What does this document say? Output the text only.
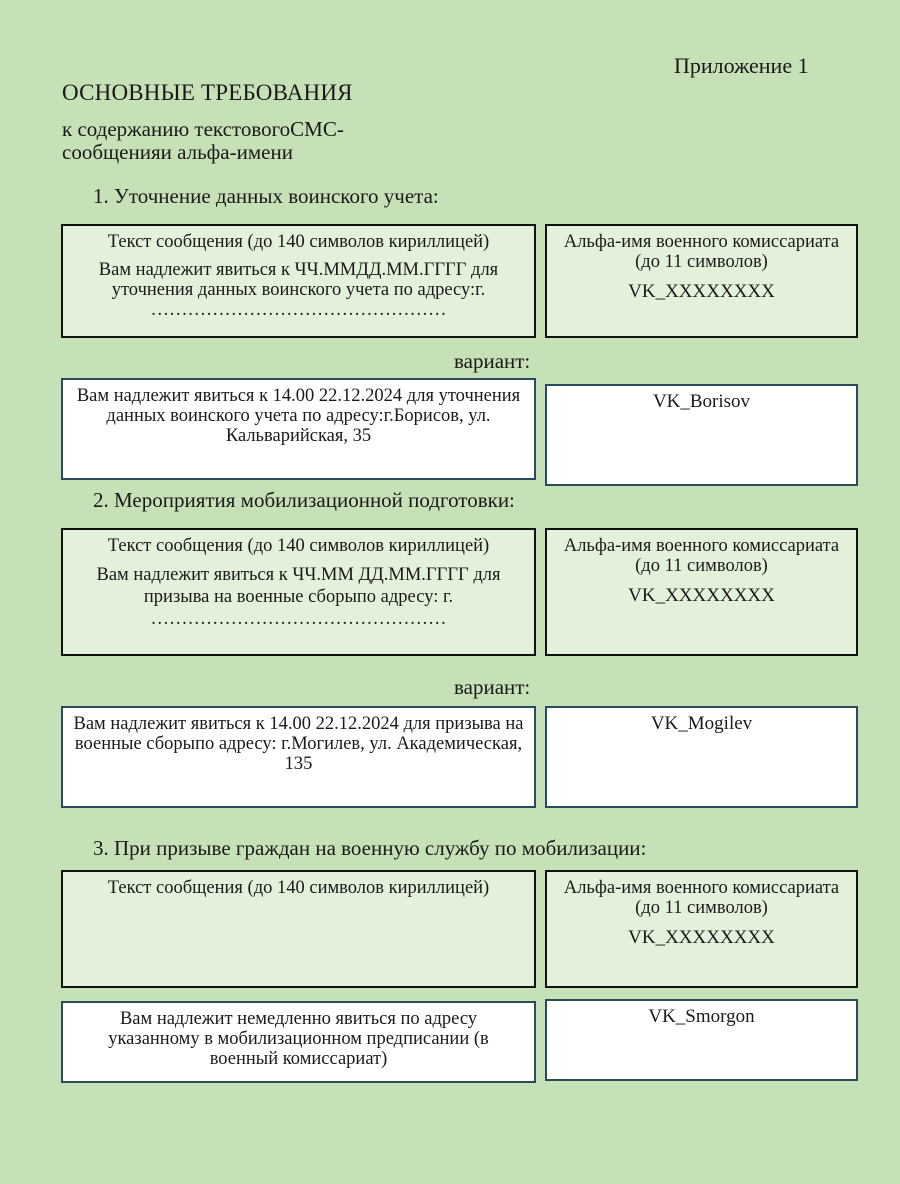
Приложение 1
ОСНОВНЫЕ ТРЕБОВАНИЯ
к содержанию текстовогоСМС-сообщенияи альфа-имени
1. Уточнение данных воинского учета:
Текст сообщения (до 140 символов кириллицей)
Вам надлежит явиться к ЧЧ.ММДД.ММ.ГГГГ для уточнения данных воинского учета по адресу:г. …………………………………………
Альфа-имя военного комиссариата (до 11 символов)
VK_XXXXXXXX
вариант:
Вам надлежит явиться к 14.00 22.12.2024 для уточнения данных воинского учета по адресу:г.Борисов, ул. Кальварийская, 35
VK_Borisov
2. Мероприятия мобилизационной подготовки:
Текст сообщения (до 140 символов кириллицей)
Вам надлежит явиться к ЧЧ.ММ ДД.ММ.ГГГГ для призыва на военные сборыпо адресу: г. …………………………………………
Альфа-имя военного комиссариата (до 11 символов)
VK_XXXXXXXX
вариант:
Вам надлежит явиться к 14.00 22.12.2024 для призыва на военные сборыпо адресу: г.Могилев, ул. Академическая, 135
VK_Mogilev
3. При призыве граждан на военную службу по мобилизации:
Текст сообщения (до 140 символов кириллицей)	Альфа-имя военного комиссариата (до 11 символов)
VK_XXXXXXXX
Вам надлежит немедленно явиться по адресу указанному в мобилизационном предписании (в военный комиссариат)
VK_Smorgon
